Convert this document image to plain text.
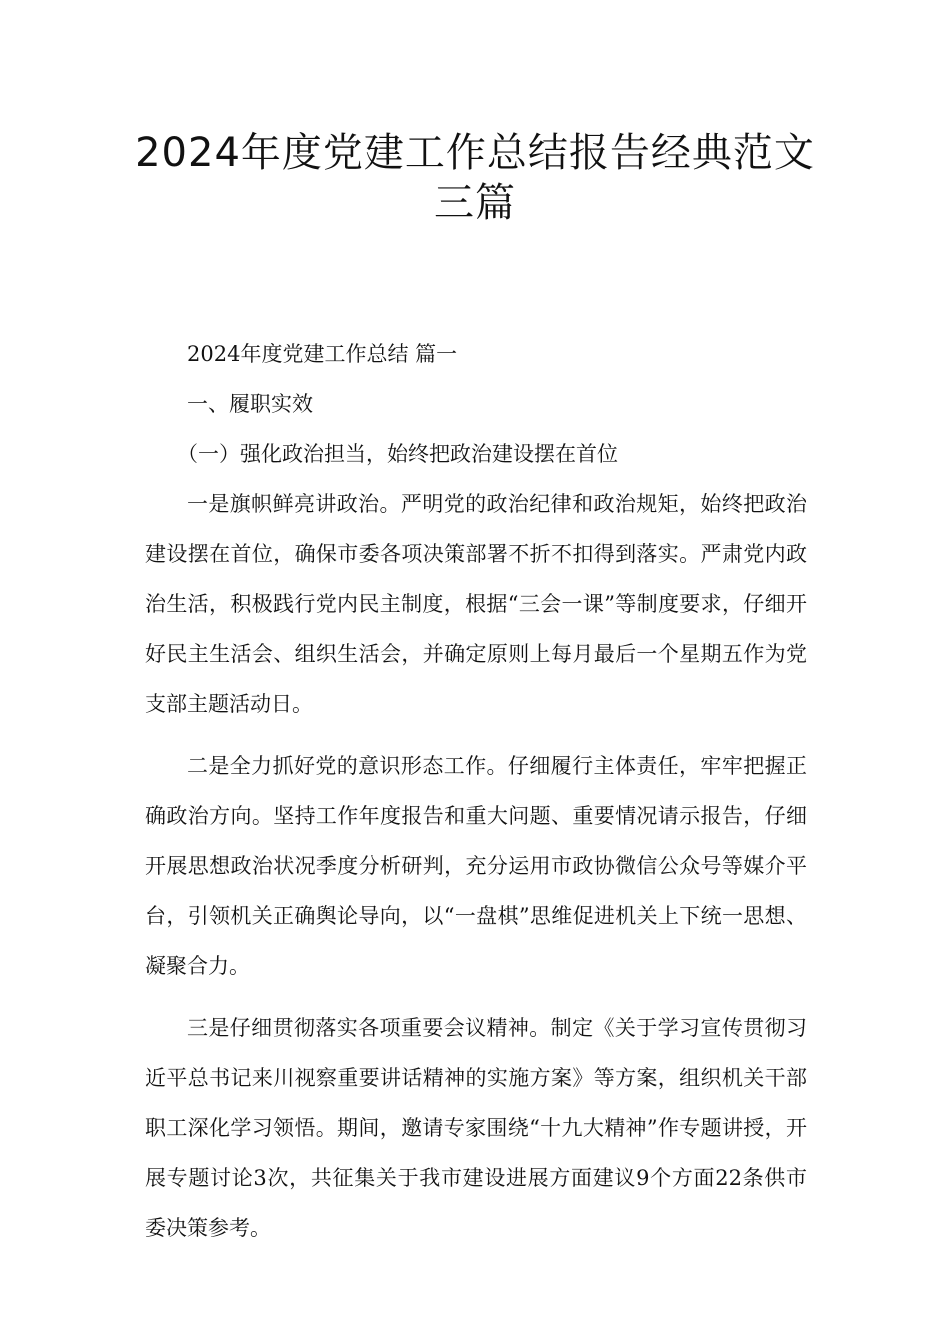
2024年度党建工作总结报告经典范文三篇

2024年度党建工作总结 篇一

一、履职实效

（一）强化政治担当，始终把政治建设摆在首位

一是旗帜鲜亮讲政治。严明党的政治纪律和政治规矩，始终把政治建设摆在首位，确保市委各项决策部署不折不扣得到落实。严肃党内政治生活，积极践行党内民主制度，根据“三会一课”等制度要求，仔细开好民主生活会、组织生活会，并确定原则上每月最后一个星期五作为党支部主题活动日。

二是全力抓好党的意识形态工作。仔细履行主体责任，牢牢把握正确政治方向。坚持工作年度报告和重大问题、重要情况请示报告，仔细开展思想政治状况季度分析研判，充分运用市政协微信公众号等媒介平台，引领机关正确舆论导向，以“一盘棋”思维促进机关上下统一思想、凝聚合力。

三是仔细贯彻落实各项重要会议精神。制定《关于学习宣传贯彻习近平总书记来川视察重要讲话精神的实施方案》等方案，组织机关干部职工深化学习领悟。期间，邀请专家围绕“十九大精神”作专题讲授，开展专题讨论3次，共征集关于我市建设进展方面建议9个方面22条供市委决策参考。
